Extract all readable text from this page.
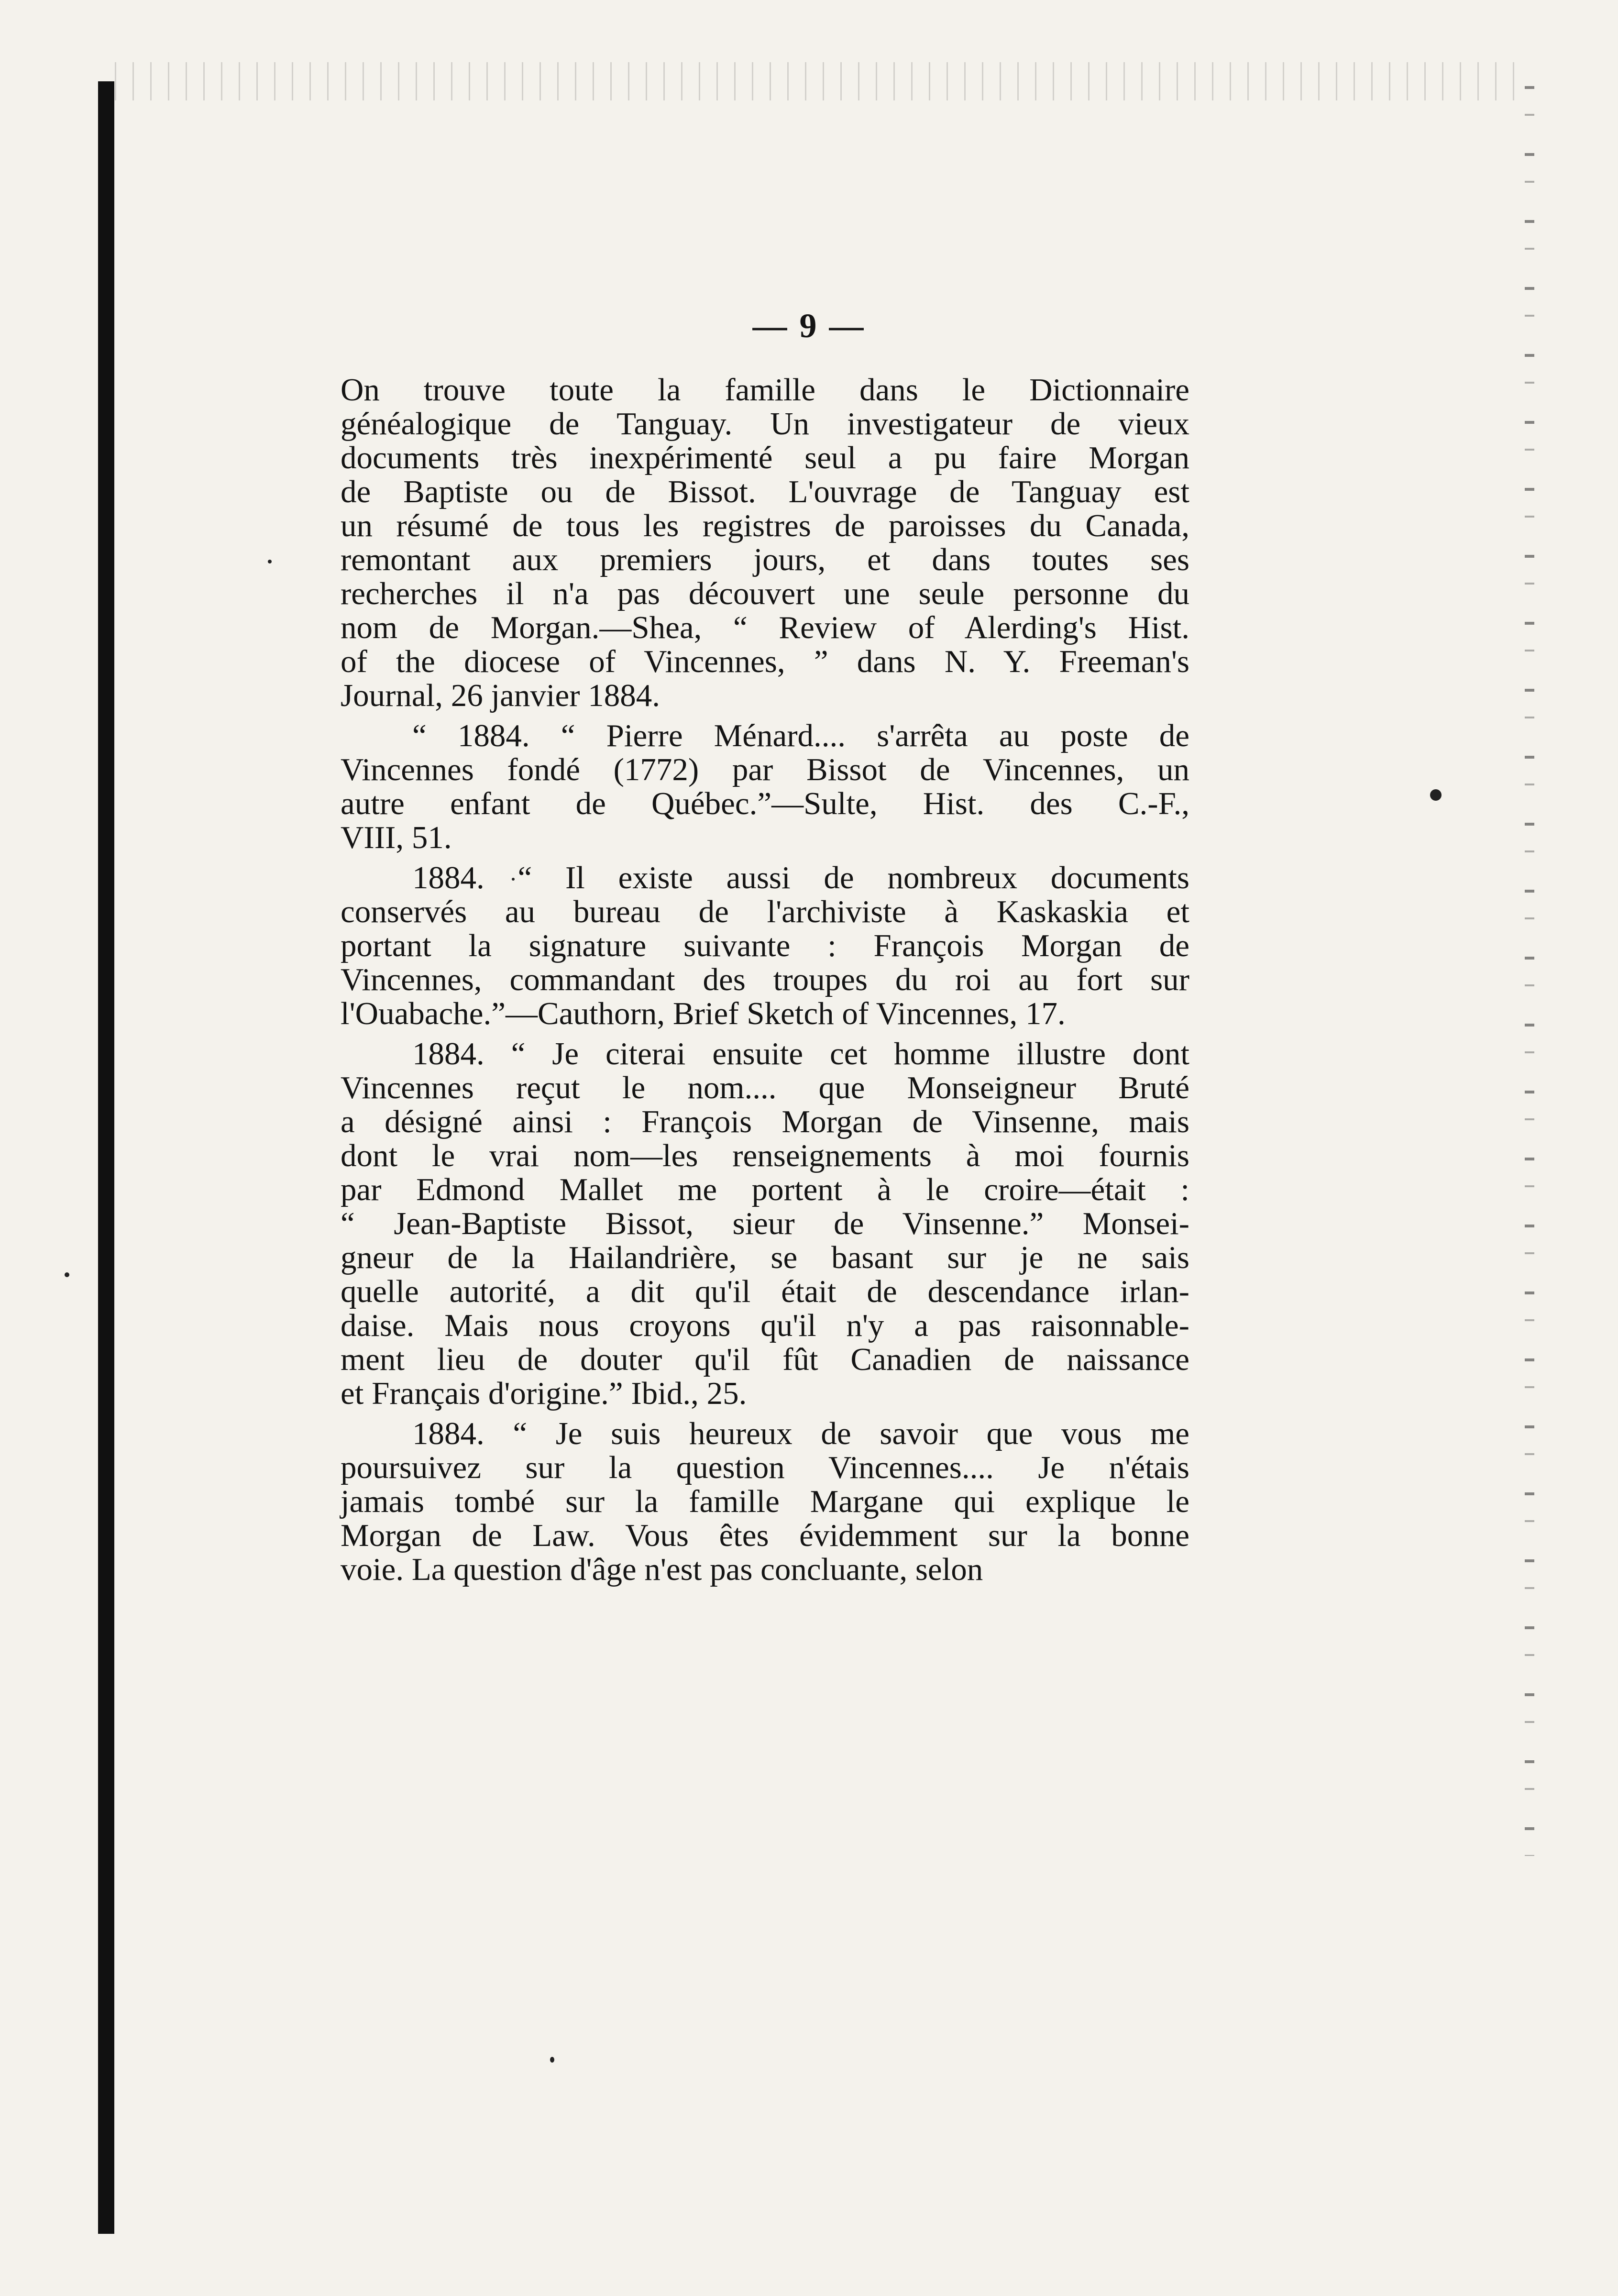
— 9 —
On trouve toute la famille dans le Dictionnaire
généalogique de Tanguay. Un investigateur de vieux
documents très inexpérimenté seul a pu faire Morgan
de Baptiste ou de Bissot. L'ouvrage de Tanguay est
un résumé de tous les registres de paroisses du Canada,
remontant aux premiers jours, et dans toutes ses
recherches il n'a pas découvert une seule personne du
nom de Morgan.—Shea, “ Review of Alerding's Hist.
of the diocese of Vincennes, ” dans N. Y. Freeman's
Journal, 26 janvier 1884.
“ 1884. “ Pierre Ménard.... s'arrêta au poste de
Vincennes fondé (1772) par Bissot de Vincennes, un
autre enfant de Québec.”—Sulte, Hist. des C.-F.,
VIII, 51.
1884. “ Il existe aussi de nombreux documents
conservés au bureau de l'archiviste à Kaskaskia et
portant la signature suivante : François Morgan de
Vincennes, commandant des troupes du roi au fort sur
l'Ouabache.”—Cauthorn, Brief Sketch of Vincennes, 17.
1884. “ Je citerai ensuite cet homme illustre dont
Vincennes reçut le nom.... que Monseigneur Bruté
a désigné ainsi : François Morgan de Vinsenne, mais
dont le vrai nom—les renseignements à moi fournis
par Edmond Mallet me portent à le croire—était :
“ Jean-Baptiste Bissot, sieur de Vinsenne.” Monsei-
gneur de la Hailandrière, se basant sur je ne sais
quelle autorité, a dit qu'il était de descendance irlan-
daise. Mais nous croyons qu'il n'y a pas raisonnable-
ment lieu de douter qu'il fût Canadien de naissance
et Français d'origine.” Ibid., 25.
1884. “ Je suis heureux de savoir que vous me
poursuivez sur la question Vincennes.... Je n'étais
jamais tombé sur la famille Margane qui explique le
Morgan de Law. Vous êtes évidemment sur la bonne
voie. La question d'âge n'est pas concluante, selon
